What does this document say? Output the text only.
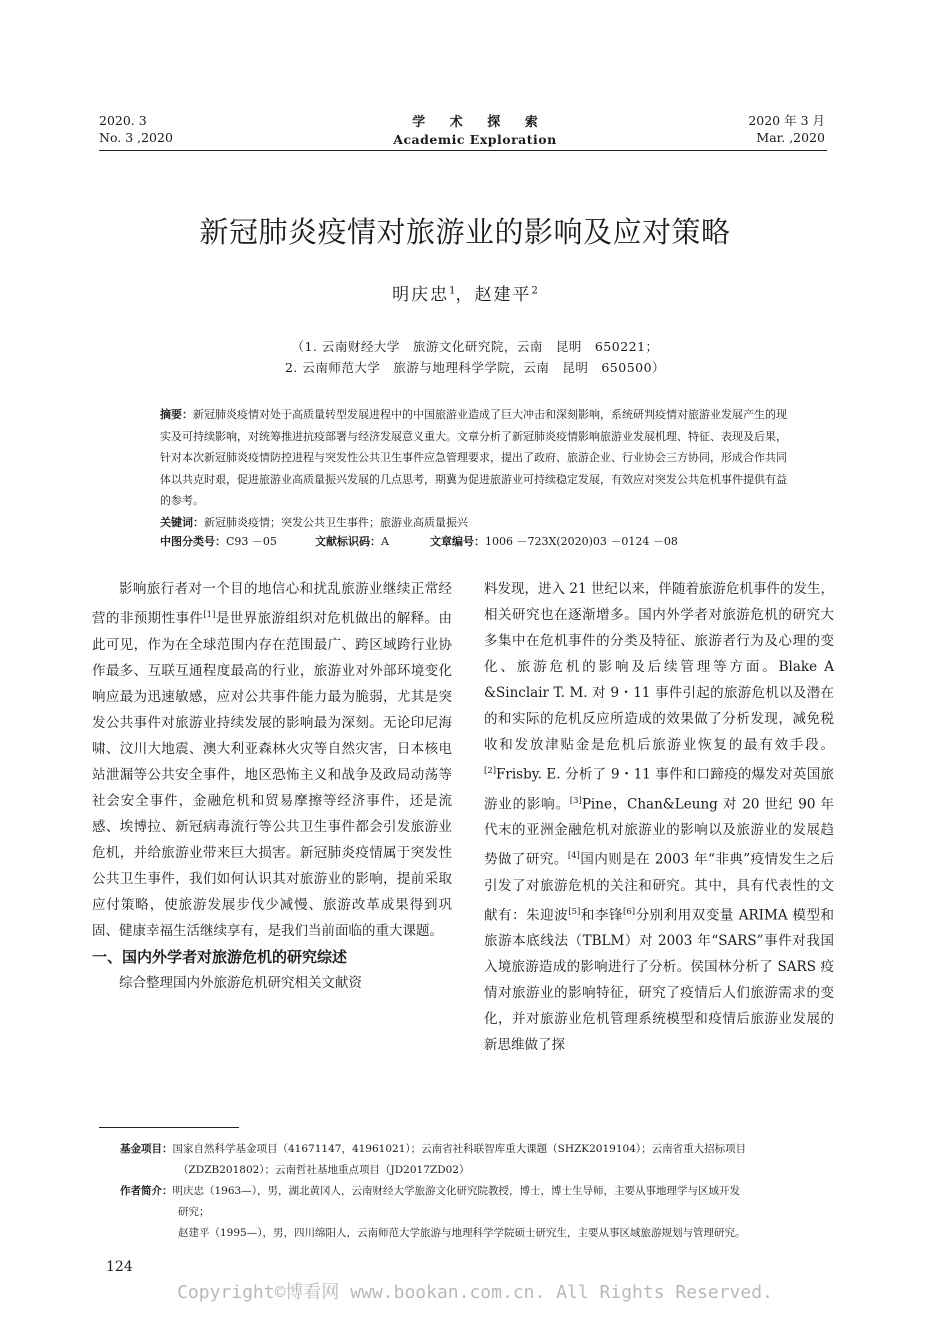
2020. 3
No. 3 ,2020
学 术 探 索
Academic Exploration
2020 年 3 月
Mar. ,2020
新冠肺炎疫情对旅游业的影响及应对策略
明庆忠$^1$，赵建平$^2$
（1. 云南财经大学　旅游文化研究院，云南　昆明　650221；
2. 云南师范大学　旅游与地理科学学院，云南　昆明　650500）
摘要：新冠肺炎疫情对处于高质量转型发展进程中的中国旅游业造成了巨大冲击和深刻影响，系统研判疫情对旅游业发展产生的现实及可持续影响，对统筹推进抗疫部署与经济发展意义重大。文章分析了新冠肺炎疫情影响旅游业发展机理、特征、表现及后果，针对本次新冠肺炎疫情防控进程与突发性公共卫生事件应急管理要求，提出了政府、旅游企业、行业协会三方协同，形成合作共同体以共克时艰，促进旅游业高质量振兴发展的几点思考，期冀为促进旅游业可持续稳定发展，有效应对突发公共危机事件提供有益的参考。
关键词：新冠肺炎疫情；突发公共卫生事件；旅游业高质量振兴
中图分类号：C93 －05	文献标识码：A	文章编号：1006 －723X(2020)03 －0124 －08

影响旅行者对一个目的地信心和扰乱旅游业继续正常经营的非预期性事件[1]是世界旅游组织对危机做出的解释。由此可见，作为在全球范围内存在范围最广、跨区域跨行业协作最多、互联互通程度最高的行业，旅游业对外部环境变化响应最为迅速敏感，应对公共事件能力最为脆弱，尤其是突发公共事件对旅游业持续发展的影响最为深刻。无论印尼海啸、汶川大地震、澳大利亚森林火灾等自然灾害，日本核电站泄漏等公共安全事件，地区恐怖主义和战争及政局动荡等社会安全事件，金融危机和贸易摩擦等经济事件，还是流感、埃博拉、新冠病毒流行等公共卫生事件都会引发旅游业危机，并给旅游业带来巨大损害。新冠肺炎疫情属于突发性公共卫生事件，我们如何认识其对旅游业的影响，提前采取应付策略，使旅游发展步伐少减慢、旅游改革成果得到巩固、健康幸福生活继续享有，是我们当前面临的重大课题。

一、国内外学者对旅游危机的研究综述

综合整理国内外旅游危机研究相关文献资

料发现，进入 21 世纪以来，伴随着旅游危机事件的发生，相关研究也在逐渐增多。国内外学者对旅游危机的研究大多集中在危机事件的分类及特征、旅游者行为及心理的变化、旅游危机的影响及后续管理等方面。Blake A &Sinclair T. M. 对 9・11 事件引起的旅游危机以及潜在的和实际的危机反应所造成的效果做了分析发现，减免税收和发放津贴金是危机后旅游业恢复的最有效手段。[2]Frisby. E. 分析了 9・11 事件和口蹄疫的爆发对英国旅游业的影响。[3]Pine，Chan&Leung 对 20 世纪 90 年代末的亚洲金融危机对旅游业的影响以及旅游业的发展趋势做了研究。[4]国内则是在 2003 年“非典”疫情发生之后引发了对旅游危机的关注和研究。其中，具有代表性的文献有：朱迎波[5]和李锋[6]分别利用双变量 ARIMA 模型和旅游本底线法（TBLM）对 2003 年“SARS”事件对我国入境旅游造成的影响进行了分析。侯国林分析了 SARS 疫情对旅游业的影响特征，研究了疫情后人们旅游需求的变化，并对旅游业危机管理系统模型和疫情后旅游业发展的新思维做了探

基金项目：国家自然科学基金项目（41671147，41961021）；云南省社科联智库重大课题（SHZK2019104）；云南省重大招标项目
（ZDZB201802）；云南哲社基地重点项目（JD2017ZD02）
作者简介：明庆忠（1963—），男，湖北黄冈人，云南财经大学旅游文化研究院教授，博士，博士生导师，主要从事地理学与区域开发
研究；
赵建平（1995—），男，四川绵阳人，云南师范大学旅游与地理科学学院硕士研究生，主要从事区域旅游规划与管理研究。
124
Copyright©博看网 www.bookan.com.cn. All Rights Reserved.
